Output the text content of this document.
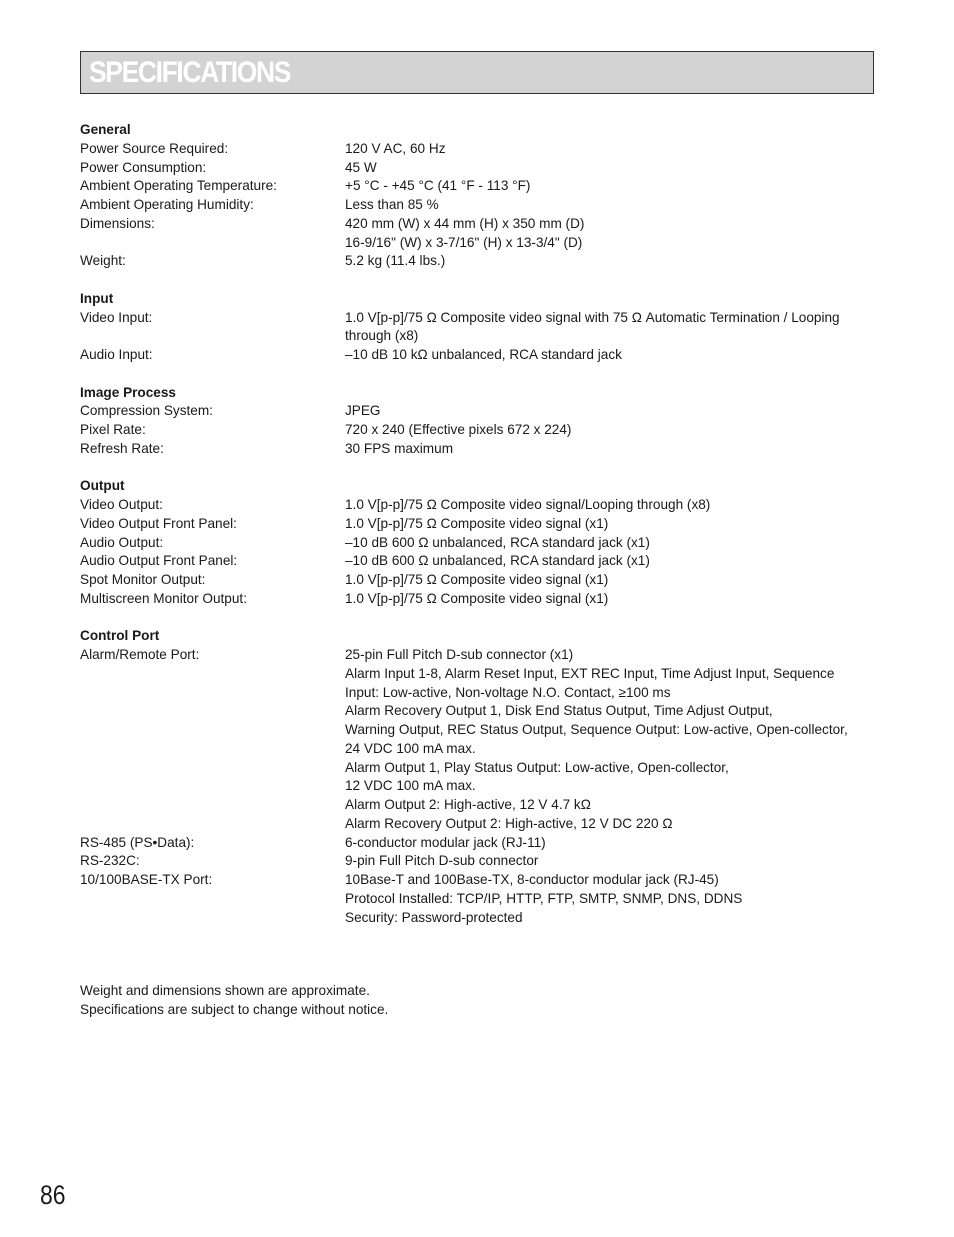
SPECIFICATIONS
General
Power Source Required:	120 V AC, 60 Hz
Power Consumption:	45 W
Ambient Operating Temperature:	+5 °C - +45 °C (41 °F - 113 °F)
Ambient Operating Humidity:	Less than 85 %
Dimensions:	420 mm (W) x 44 mm (H) x 350 mm (D)
16-9/16" (W) x 3-7/16" (H) x 13-3/4" (D)
Weight:	5.2 kg (11.4 lbs.)
Input
Video Input:	1.0 V[p-p]/75 Ω Composite video signal with 75 Ω Automatic Termination / Looping
through (x8)
Audio Input:	–10 dB 10 kΩ unbalanced, RCA standard jack
Image Process
Compression System:	JPEG
Pixel Rate:	720 x 240 (Effective pixels 672 x 224)
Refresh Rate:	30 FPS maximum
Output
Video Output:	1.0 V[p-p]/75 Ω Composite video signal/Looping through (x8)
Video Output Front Panel:	1.0 V[p-p]/75 Ω Composite video signal (x1)
Audio Output:	–10 dB 600 Ω unbalanced, RCA standard jack (x1)
Audio Output Front Panel:	–10 dB 600 Ω unbalanced, RCA standard jack (x1)
Spot Monitor Output:	1.0 V[p-p]/75 Ω Composite video signal (x1)
Multiscreen Monitor Output:	1.0 V[p-p]/75 Ω Composite video signal (x1)
Control Port
Alarm/Remote Port:	25-pin Full Pitch D-sub connector (x1)
Alarm Input 1-8, Alarm Reset Input, EXT REC Input, Time Adjust Input, Sequence
Input: Low-active, Non-voltage N.O. Contact, ≥100 ms
Alarm Recovery Output 1, Disk End Status Output, Time Adjust Output,
Warning Output, REC Status Output, Sequence Output: Low-active, Open-collector,
24 VDC 100 mA max.
Alarm Output 1, Play Status Output: Low-active, Open-collector,
12 VDC 100 mA max.
Alarm Output 2: High-active, 12 V 4.7 kΩ
Alarm Recovery Output 2: High-active, 12 V DC 220 Ω
RS-485 (PS•Data):	6-conductor modular jack (RJ-11)
RS-232C:	9-pin Full Pitch D-sub connector
10/100BASE-TX Port:	10Base-T and 100Base-TX, 8-conductor modular jack (RJ-45)
Protocol Installed: TCP/IP, HTTP, FTP, SMTP, SNMP, DNS, DDNS
Security: Password-protected
Weight and dimensions shown are approximate.
Specifications are subject to change without notice.
86
